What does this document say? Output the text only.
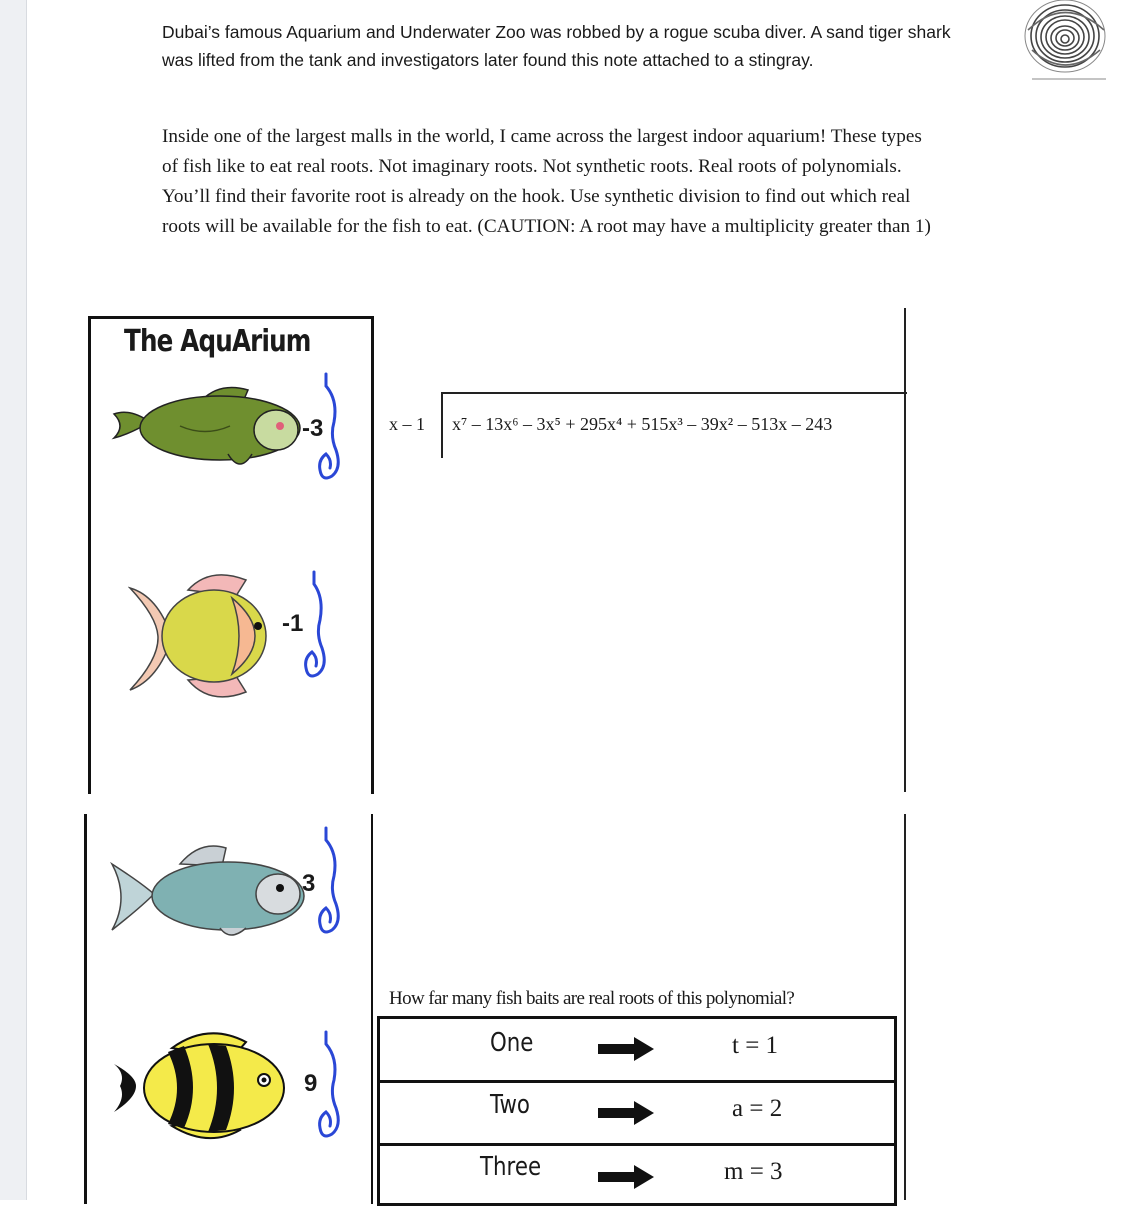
Dubai’s famous Aquarium and Underwater Zoo was robbed by a rogue scuba diver. A sand tiger shark
was lifted from the tank and investigators later found this note attached to a stingray.
Inside one of the largest malls in the world, I came across the largest indoor aquarium! These types
of fish like to eat real roots. Not imaginary roots. Not synthetic roots. Real roots of polynomials.
You’ll find their favorite root is already on the hook. Use synthetic division to find out which real
roots will be available for the fish to eat. (CAUTION: A root may have a multiplicity greater than 1)
The AquArium
-3
-1
3
9
x – 1 x⁷ – 13x⁶ – 3x⁵ + 295x⁴ + 515x³ – 39x² – 513x – 243
How far many fish baits are real roots of this polynomial?
One	t = 1
Two	a = 2
Three	m = 3
